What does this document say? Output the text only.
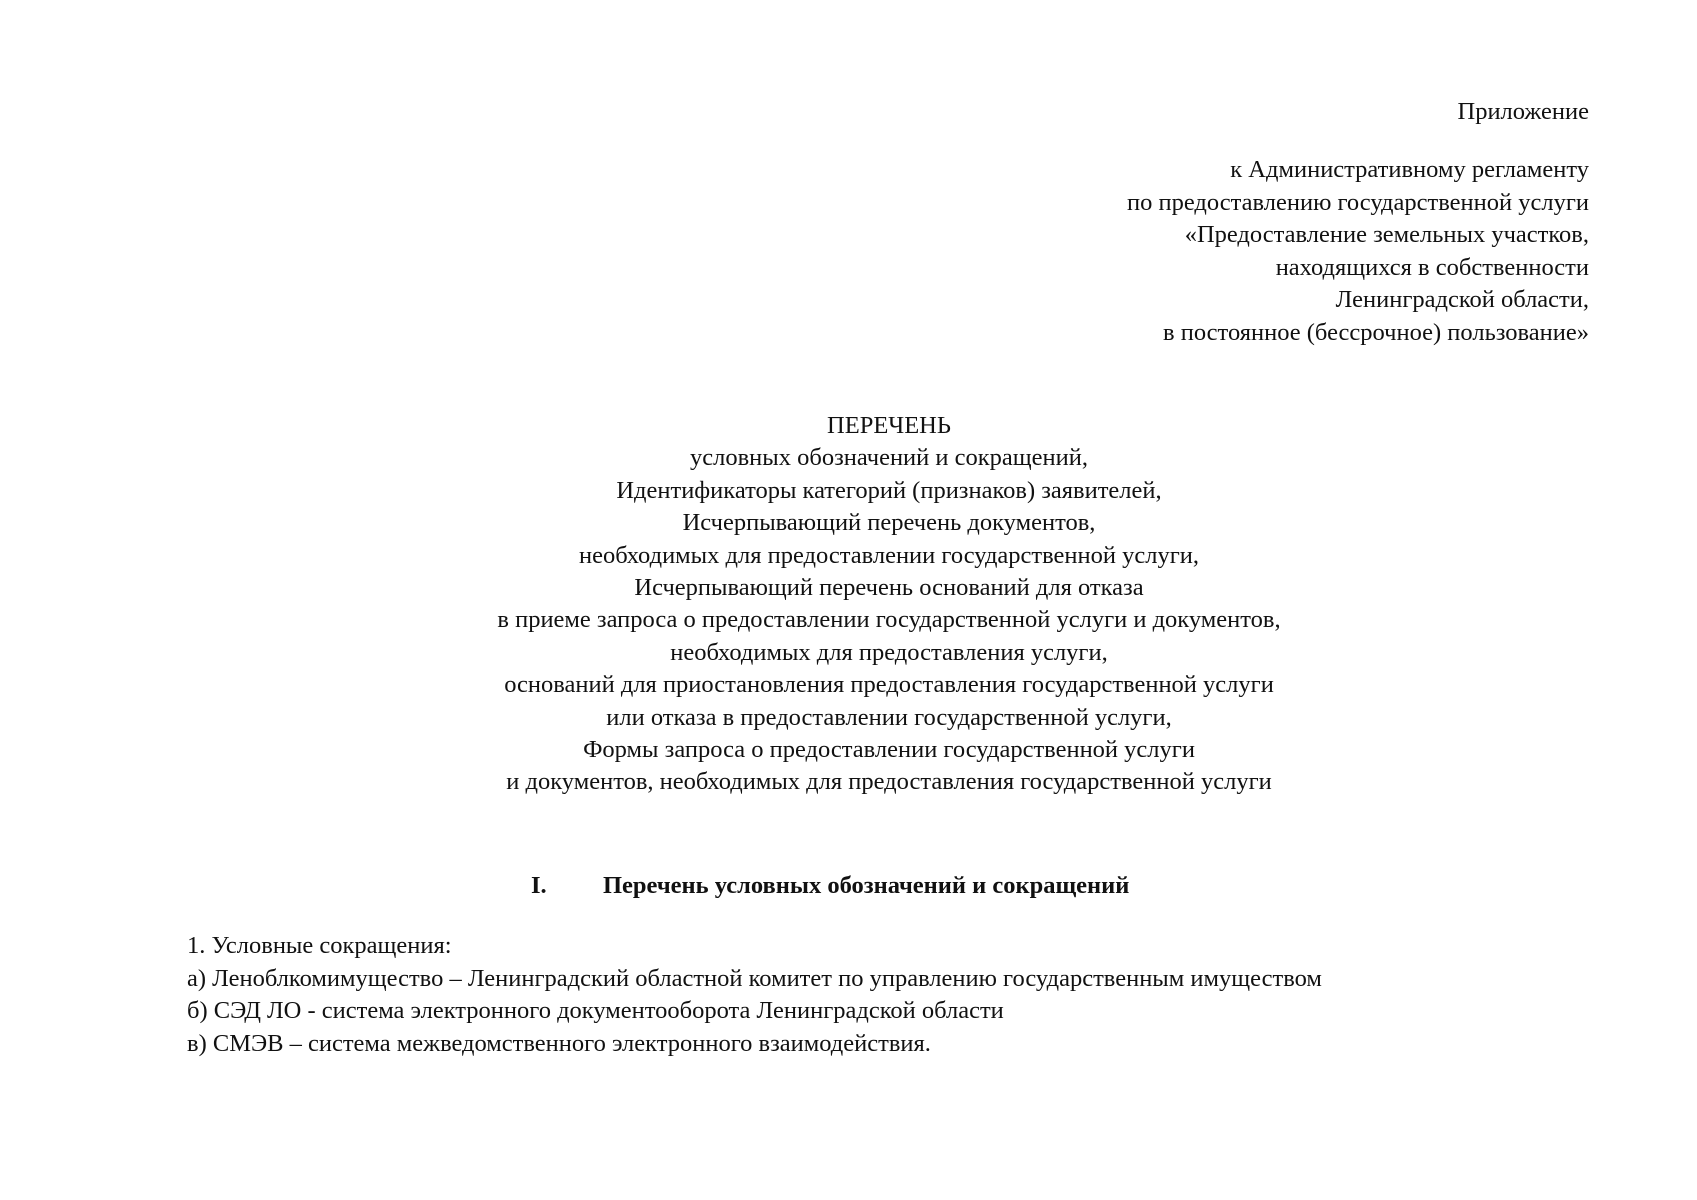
Приложение
к Административному регламенту
по предоставлению государственной услуги
«Предоставление земельных участков,
находящихся в собственности
Ленинградской области,
в постоянное (бессрочное) пользование»
ПЕРЕЧЕНЬ
условных обозначений и сокращений,
Идентификаторы категорий (признаков) заявителей,
Исчерпывающий перечень документов,
необходимых для предоставлении государственной услуги,
Исчерпывающий перечень оснований для отказа
в приеме запроса о предоставлении государственной услуги и документов,
необходимых для предоставления услуги,
оснований для приостановления предоставления государственной услуги
или отказа в предоставлении государственной услуги,
Формы запроса о предоставлении государственной услуги
и документов, необходимых для предоставления государственной услуги
I. Перечень условных обозначений и сокращений
1. Условные сокращения:
а) Леноблкомимущество – Ленинградский областной комитет по управлению государственным имуществом
б) СЭД ЛО - система электронного документооборота Ленинградской области
в) СМЭВ – система межведомственного электронного взаимодействия.
